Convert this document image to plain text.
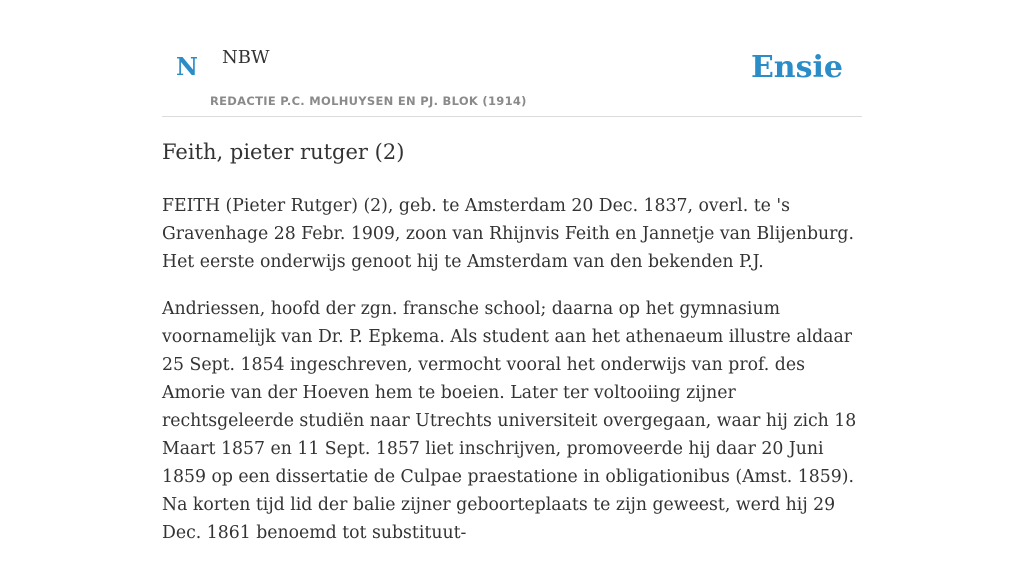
N NBW
REDACTIE P.C. MOLHUYSEN EN PJ. BLOK (1914)
Ensie
Feith, pieter rutger (2)

FEITH (Pieter Rutger) (2), geb. te Amsterdam 20 Dec. 1837, overl. te 's Gravenhage 28 Febr. 1909, zoon van Rhijnvis Feith en Jannetje van Blijenburg. Het eerste onderwijs genoot hij te Amsterdam van den bekenden P.J.

Andriessen, hoofd der zgn. fransche school; daarna op het gymnasium voornamelijk van Dr. P. Epkema. Als student aan het athenaeum illustre aldaar 25 Sept. 1854 ingeschreven, vermocht vooral het onderwijs van prof. des Amorie van der Hoeven hem te boeien. Later ter voltooiing zijner rechtsgeleerde studiën naar Utrechts universiteit overgegaan, waar hij zich 18 Maart 1857 en 11 Sept. 1857 liet inschrijven, promoveerde hij daar 20 Juni 1859 op een dissertatie de Culpae praestatione in obligationibus (Amst. 1859). Na korten tijd lid der balie zijner geboorteplaats te zijn geweest, werd hij 29 Dec. 1861 benoemd tot substituut-
